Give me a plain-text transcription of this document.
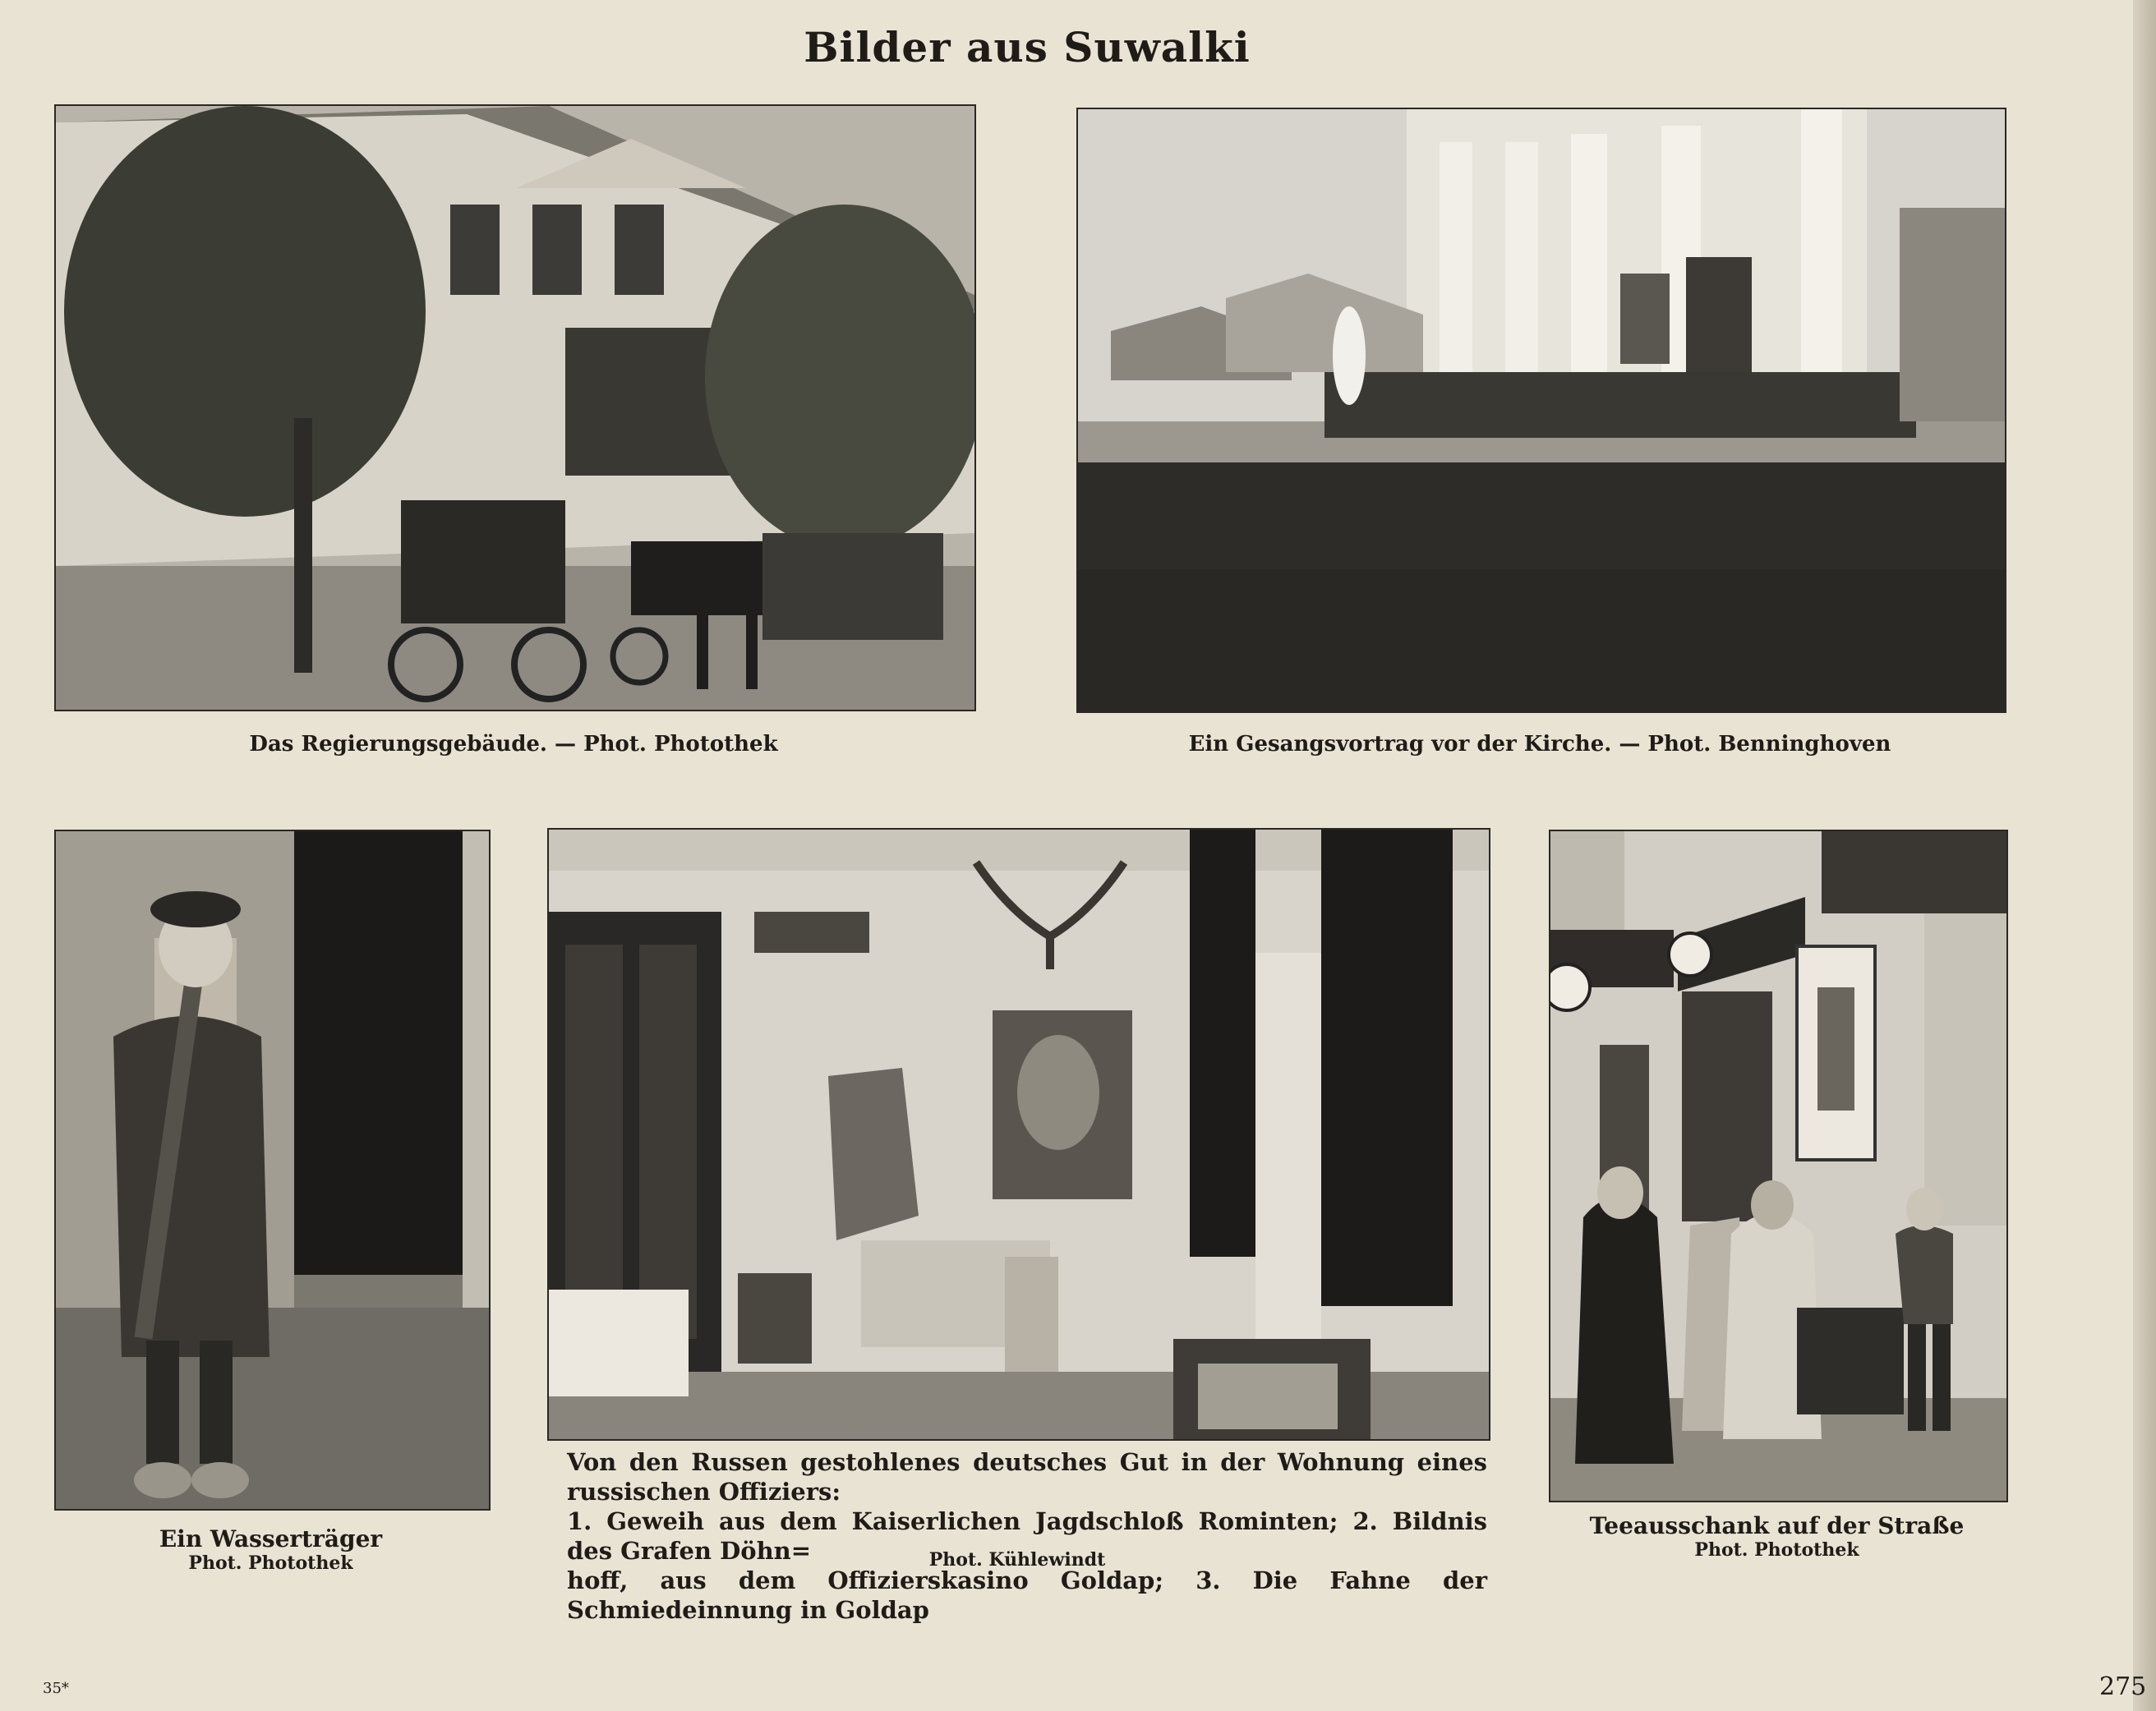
Bilder aus Suwalki
Das Regierungsgebäude. — Phot. Photothek	Ein Gesangsvortrag vor der Kirche. — Phot. Benninghoven
Ein Wasserträger
Phot. Photothek
Von den Russen gestohlenes deutsches Gut in der Wohnung eines russischen Offiziers:
1. Geweih aus dem Kaiserlichen Jagdschloß Rominten; 2. Bildnis des Grafen Döhn=
hoff, aus dem Offizierskasino Goldap; 3. Die Fahne der Schmiedeinnung in Goldap
Phot. Kühlewindt
Teeausschank auf der Straße
Phot. Photothek
35*	275
